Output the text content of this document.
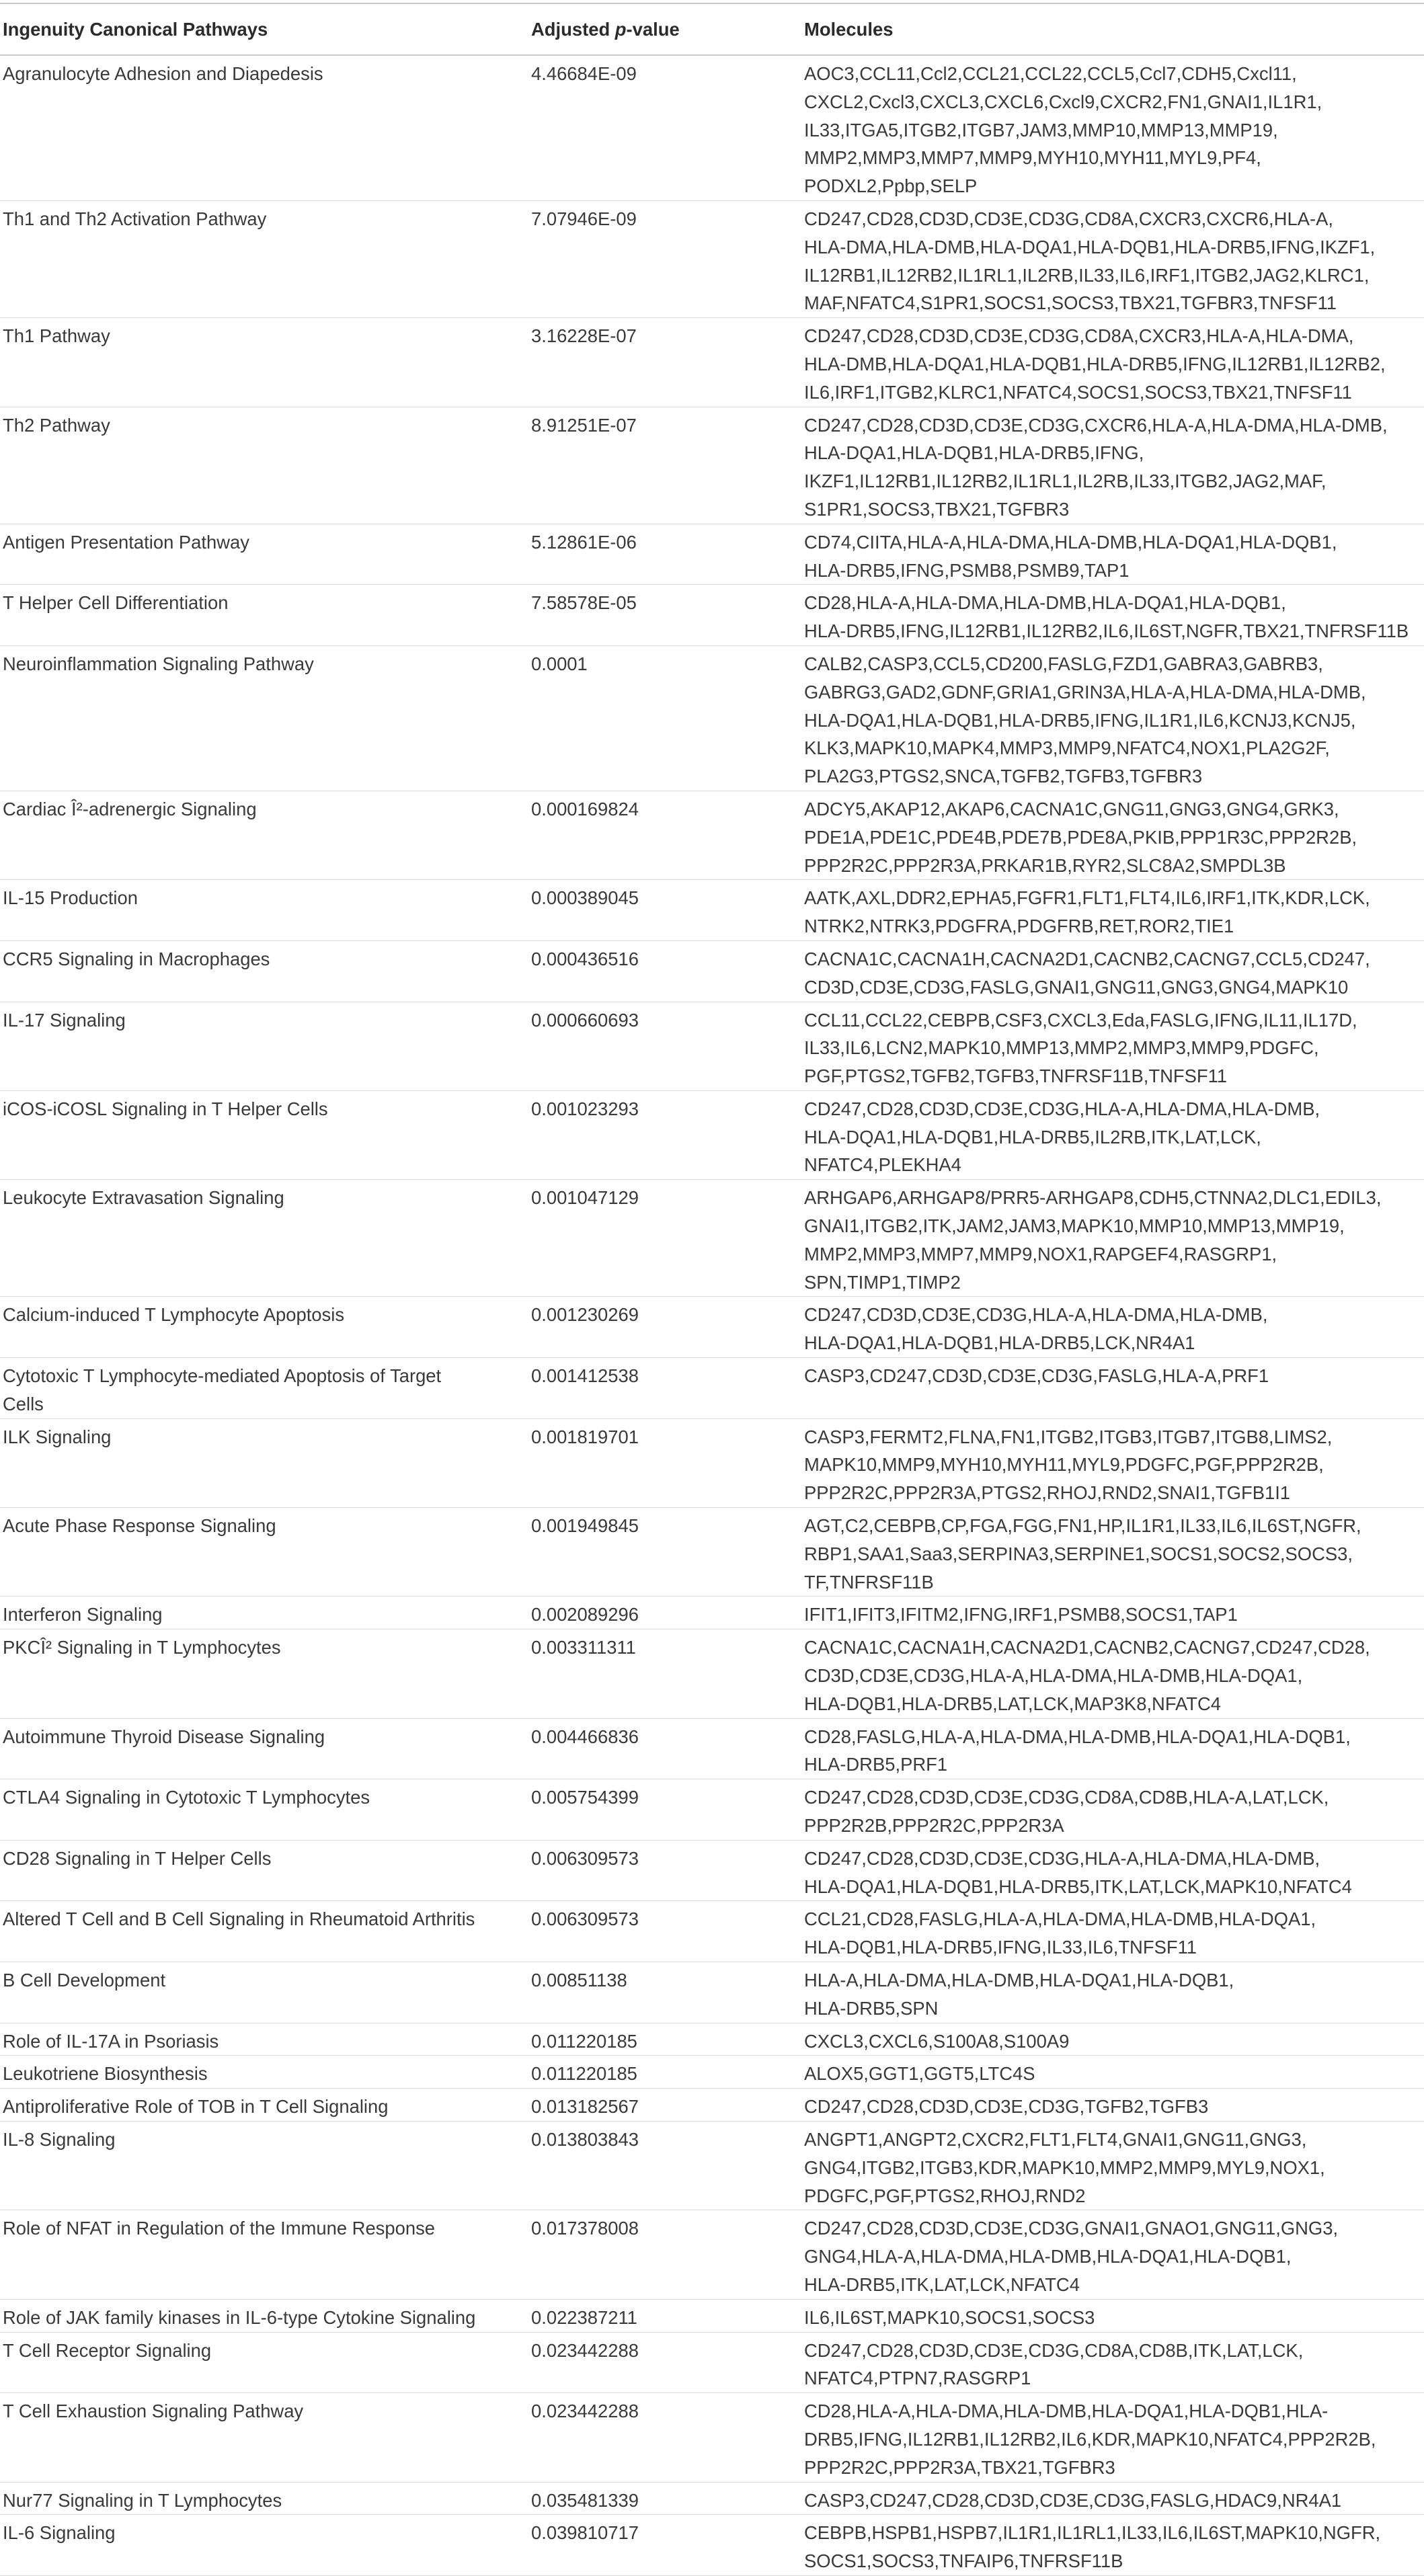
Ingenuity Canonical Pathways	Adjusted p-value	Molecules
Agranulocyte Adhesion and Diapedesis	4.46684E-09	AOC3,CCL11,Ccl2,CCL21,CCL22,CCL5,Ccl7,CDH5,Cxcl11,
CXCL2,Cxcl3,CXCL3,CXCL6,Cxcl9,CXCR2,FN1,GNAI1,IL1R1,
IL33,ITGA5,ITGB2,ITGB7,JAM3,MMP10,MMP13,MMP19,
MMP2,MMP3,MMP7,MMP9,MYH10,MYH11,MYL9,PF4,
PODXL2,Ppbp,SELP
Th1 and Th2 Activation Pathway	7.07946E-09	CD247,CD28,CD3D,CD3E,CD3G,CD8A,CXCR3,CXCR6,HLA-A,
HLA-DMA,HLA-DMB,HLA-DQA1,HLA-DQB1,HLA-DRB5,IFNG,IKZF1,
IL12RB1,IL12RB2,IL1RL1,IL2RB,IL33,IL6,IRF1,ITGB2,JAG2,KLRC1,
MAF,NFATC4,S1PR1,SOCS1,SOCS3,TBX21,TGFBR3,TNFSF11
Th1 Pathway	3.16228E-07	CD247,CD28,CD3D,CD3E,CD3G,CD8A,CXCR3,HLA-A,HLA-DMA,
HLA-DMB,HLA-DQA1,HLA-DQB1,HLA-DRB5,IFNG,IL12RB1,IL12RB2,
IL6,IRF1,ITGB2,KLRC1,NFATC4,SOCS1,SOCS3,TBX21,TNFSF11
Th2 Pathway	8.91251E-07	CD247,CD28,CD3D,CD3E,CD3G,CXCR6,HLA-A,HLA-DMA,HLA-DMB,
HLA-DQA1,HLA-DQB1,HLA-DRB5,IFNG,
IKZF1,IL12RB1,IL12RB2,IL1RL1,IL2RB,IL33,ITGB2,JAG2,MAF,
S1PR1,SOCS3,TBX21,TGFBR3
Antigen Presentation Pathway	5.12861E-06	CD74,CIITA,HLA-A,HLA-DMA,HLA-DMB,HLA-DQA1,HLA-DQB1,
HLA-DRB5,IFNG,PSMB8,PSMB9,TAP1
T Helper Cell Differentiation	7.58578E-05	CD28,HLA-A,HLA-DMA,HLA-DMB,HLA-DQA1,HLA-DQB1,
HLA-DRB5,IFNG,IL12RB1,IL12RB2,IL6,IL6ST,NGFR,TBX21,TNFRSF11B
Neuroinflammation Signaling Pathway	0.0001	CALB2,CASP3,CCL5,CD200,FASLG,FZD1,GABRA3,GABRB3,
GABRG3,GAD2,GDNF,GRIA1,GRIN3A,HLA-A,HLA-DMA,HLA-DMB,
HLA-DQA1,HLA-DQB1,HLA-DRB5,IFNG,IL1R1,IL6,KCNJ3,KCNJ5,
KLK3,MAPK10,MAPK4,MMP3,MMP9,NFATC4,NOX1,PLA2G2F,
PLA2G3,PTGS2,SNCA,TGFB2,TGFB3,TGFBR3
Cardiac Î²-adrenergic Signaling	0.000169824	ADCY5,AKAP12,AKAP6,CACNA1C,GNG11,GNG3,GNG4,GRK3,
PDE1A,PDE1C,PDE4B,PDE7B,PDE8A,PKIB,PPP1R3C,PPP2R2B,
PPP2R2C,PPP2R3A,PRKAR1B,RYR2,SLC8A2,SMPDL3B
IL-15 Production	0.000389045	AATK,AXL,DDR2,EPHA5,FGFR1,FLT1,FLT4,IL6,IRF1,ITK,KDR,LCK,
NTRK2,NTRK3,PDGFRA,PDGFRB,RET,ROR2,TIE1
CCR5 Signaling in Macrophages	0.000436516	CACNA1C,CACNA1H,CACNA2D1,CACNB2,CACNG7,CCL5,CD247,
CD3D,CD3E,CD3G,FASLG,GNAI1,GNG11,GNG3,GNG4,MAPK10
IL-17 Signaling	0.000660693	CCL11,CCL22,CEBPB,CSF3,CXCL3,Eda,FASLG,IFNG,IL11,IL17D,
IL33,IL6,LCN2,MAPK10,MMP13,MMP2,MMP3,MMP9,PDGFC,
PGF,PTGS2,TGFB2,TGFB3,TNFRSF11B,TNFSF11
iCOS-iCOSL Signaling in T Helper Cells	0.001023293	CD247,CD28,CD3D,CD3E,CD3G,HLA-A,HLA-DMA,HLA-DMB,
HLA-DQA1,HLA-DQB1,HLA-DRB5,IL2RB,ITK,LAT,LCK,
NFATC4,PLEKHA4
Leukocyte Extravasation Signaling	0.001047129	ARHGAP6,ARHGAP8/PRR5-ARHGAP8,CDH5,CTNNA2,DLC1,EDIL3,
GNAI1,ITGB2,ITK,JAM2,JAM3,MAPK10,MMP10,MMP13,MMP19,
MMP2,MMP3,MMP7,MMP9,NOX1,RAPGEF4,RASGRP1,
SPN,TIMP1,TIMP2
Calcium-induced T Lymphocyte Apoptosis	0.001230269	CD247,CD3D,CD3E,CD3G,HLA-A,HLA-DMA,HLA-DMB,
HLA-DQA1,HLA-DQB1,HLA-DRB5,LCK,NR4A1
Cytotoxic T Lymphocyte-mediated Apoptosis of Target
Cells	0.001412538	CASP3,CD247,CD3D,CD3E,CD3G,FASLG,HLA-A,PRF1
ILK Signaling	0.001819701	CASP3,FERMT2,FLNA,FN1,ITGB2,ITGB3,ITGB7,ITGB8,LIMS2,
MAPK10,MMP9,MYH10,MYH11,MYL9,PDGFC,PGF,PPP2R2B,
PPP2R2C,PPP2R3A,PTGS2,RHOJ,RND2,SNAI1,TGFB1I1
Acute Phase Response Signaling	0.001949845	AGT,C2,CEBPB,CP,FGA,FGG,FN1,HP,IL1R1,IL33,IL6,IL6ST,NGFR,
RBP1,SAA1,Saa3,SERPINA3,SERPINE1,SOCS1,SOCS2,SOCS3,
TF,TNFRSF11B
Interferon Signaling	0.002089296	IFIT1,IFIT3,IFITM2,IFNG,IRF1,PSMB8,SOCS1,TAP1
PKCÎ² Signaling in T Lymphocytes	0.003311311	CACNA1C,CACNA1H,CACNA2D1,CACNB2,CACNG7,CD247,CD28,
CD3D,CD3E,CD3G,HLA-A,HLA-DMA,HLA-DMB,HLA-DQA1,
HLA-DQB1,HLA-DRB5,LAT,LCK,MAP3K8,NFATC4
Autoimmune Thyroid Disease Signaling	0.004466836	CD28,FASLG,HLA-A,HLA-DMA,HLA-DMB,HLA-DQA1,HLA-DQB1,
HLA-DRB5,PRF1
CTLA4 Signaling in Cytotoxic T Lymphocytes	0.005754399	CD247,CD28,CD3D,CD3E,CD3G,CD8A,CD8B,HLA-A,LAT,LCK,
PPP2R2B,PPP2R2C,PPP2R3A
CD28 Signaling in T Helper Cells	0.006309573	CD247,CD28,CD3D,CD3E,CD3G,HLA-A,HLA-DMA,HLA-DMB,
HLA-DQA1,HLA-DQB1,HLA-DRB5,ITK,LAT,LCK,MAPK10,NFATC4
Altered T Cell and B Cell Signaling in Rheumatoid Arthritis	0.006309573	CCL21,CD28,FASLG,HLA-A,HLA-DMA,HLA-DMB,HLA-DQA1,
HLA-DQB1,HLA-DRB5,IFNG,IL33,IL6,TNFSF11
B Cell Development	0.00851138	HLA-A,HLA-DMA,HLA-DMB,HLA-DQA1,HLA-DQB1,
HLA-DRB5,SPN
Role of IL-17A in Psoriasis	0.011220185	CXCL3,CXCL6,S100A8,S100A9
Leukotriene Biosynthesis	0.011220185	ALOX5,GGT1,GGT5,LTC4S
Antiproliferative Role of TOB in T Cell Signaling	0.013182567	CD247,CD28,CD3D,CD3E,CD3G,TGFB2,TGFB3
IL-8 Signaling	0.013803843	ANGPT1,ANGPT2,CXCR2,FLT1,FLT4,GNAI1,GNG11,GNG3,
GNG4,ITGB2,ITGB3,KDR,MAPK10,MMP2,MMP9,MYL9,NOX1,
PDGFC,PGF,PTGS2,RHOJ,RND2
Role of NFAT in Regulation of the Immune Response	0.017378008	CD247,CD28,CD3D,CD3E,CD3G,GNAI1,GNAO1,GNG11,GNG3,
GNG4,HLA-A,HLA-DMA,HLA-DMB,HLA-DQA1,HLA-DQB1,
HLA-DRB5,ITK,LAT,LCK,NFATC4
Role of JAK family kinases in IL-6-type Cytokine Signaling	0.022387211	IL6,IL6ST,MAPK10,SOCS1,SOCS3
T Cell Receptor Signaling	0.023442288	CD247,CD28,CD3D,CD3E,CD3G,CD8A,CD8B,ITK,LAT,LCK,
NFATC4,PTPN7,RASGRP1
T Cell Exhaustion Signaling Pathway	0.023442288	CD28,HLA-A,HLA-DMA,HLA-DMB,HLA-DQA1,HLA-DQB1,HLA-
DRB5,IFNG,IL12RB1,IL12RB2,IL6,KDR,MAPK10,NFATC4,PPP2R2B,
PPP2R2C,PPP2R3A,TBX21,TGFBR3
Nur77 Signaling in T Lymphocytes	0.035481339	CASP3,CD247,CD28,CD3D,CD3E,CD3G,FASLG,HDAC9,NR4A1
IL-6 Signaling	0.039810717	CEBPB,HSPB1,HSPB7,IL1R1,IL1RL1,IL33,IL6,IL6ST,MAPK10,NGFR,
SOCS1,SOCS3,TNFAIP6,TNFRSF11B
